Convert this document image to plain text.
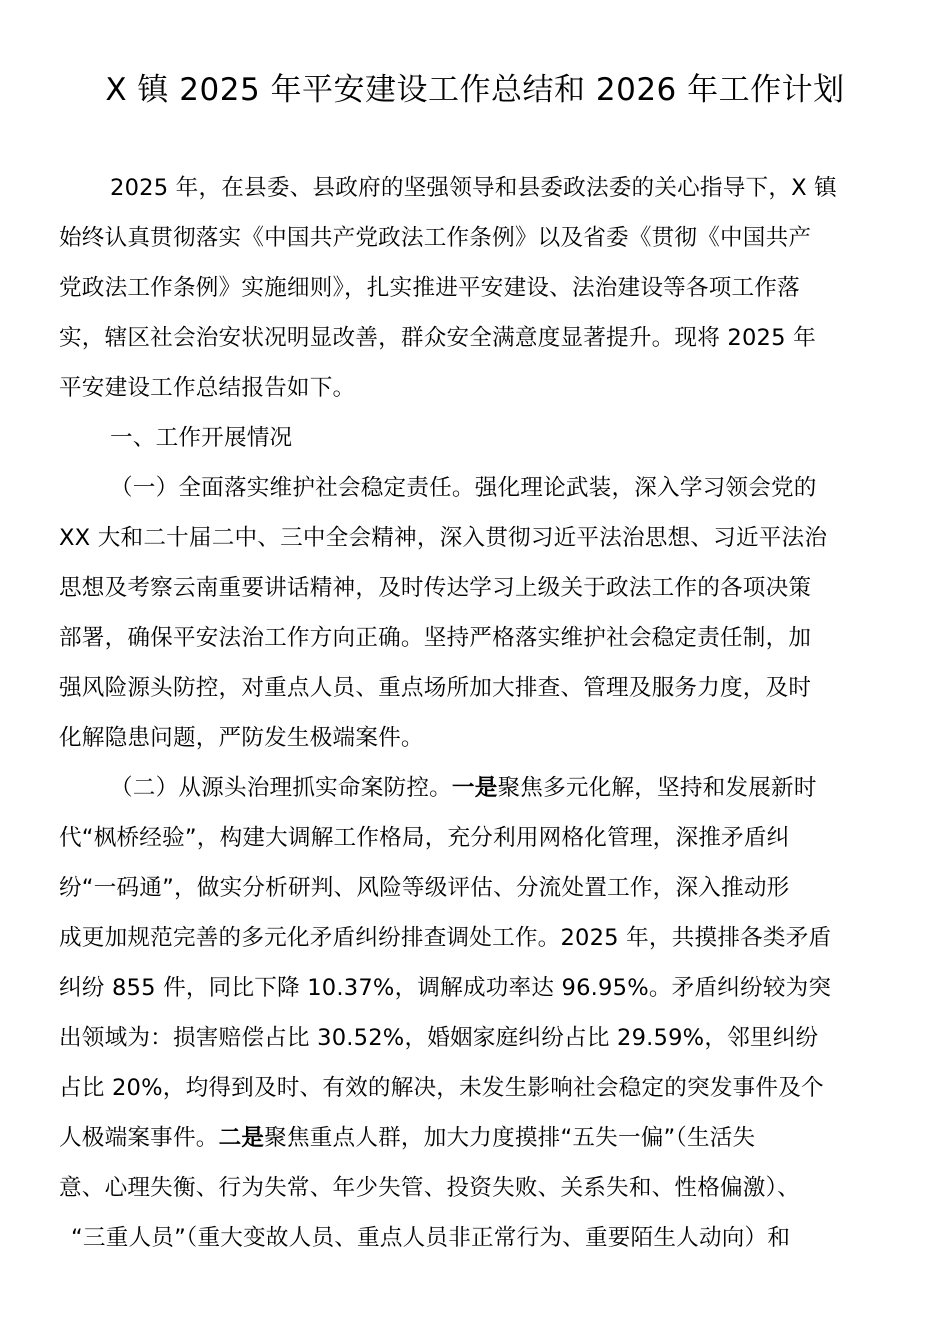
X 镇 2025 年平安建设工作总结和 2026 年工作计划
2025 年，在县委、县政府的坚强领导和县委政法委的关心指导下，X 镇
始终认真贯彻落实《中国共产党政法工作条例》以及省委《贯彻《中国共产
党政法工作条例》实施细则》，扎实推进平安建设、法治建设等各项工作落
实，辖区社会治安状况明显改善，群众安全满意度显著提升。现将 2025 年
平安建设工作总结报告如下。
一、工作开展情况
（一）全面落实维护社会稳定责任。强化理论武装，深入学习领会党的
XX 大和二十届二中、三中全会精神，深入贯彻习近平法治思想、习近平法治
思想及考察云南重要讲话精神，及时传达学习上级关于政法工作的各项决策
部署，确保平安法治工作方向正确。坚持严格落实维护社会稳定责任制，加
强风险源头防控，对重点人员、重点场所加大排查、管理及服务力度，及时
化解隐患问题，严防发生极端案件。
（二）从源头治理抓实命案防控。一是聚焦多元化解，坚持和发展新时
代“枫桥经验”，构建大调解工作格局，充分利用网格化管理，深推矛盾纠
纷“一码通”，做实分析研判、风险等级评估、分流处置工作，深入推动形
成更加规范完善的多元化矛盾纠纷排查调处工作。2025 年，共摸排各类矛盾
纠纷 855 件，同比下降 10.37%，调解成功率达 96.95%。矛盾纠纷较为突
出领域为：损害赔偿占比 30.52%，婚姻家庭纠纷占比 29.59%，邻里纠纷
占比 20%，均得到及时、有效的解决，未发生影响社会稳定的突发事件及个
人极端案事件。二是聚焦重点人群，加大力度摸排“五失一偏”（生活失
意、心理失衡、行为失常、年少失管、投资失败、关系失和、性格偏激）、
“三重人员”（重大变故人员、重点人员非正常行为、重要陌生人动向）和
